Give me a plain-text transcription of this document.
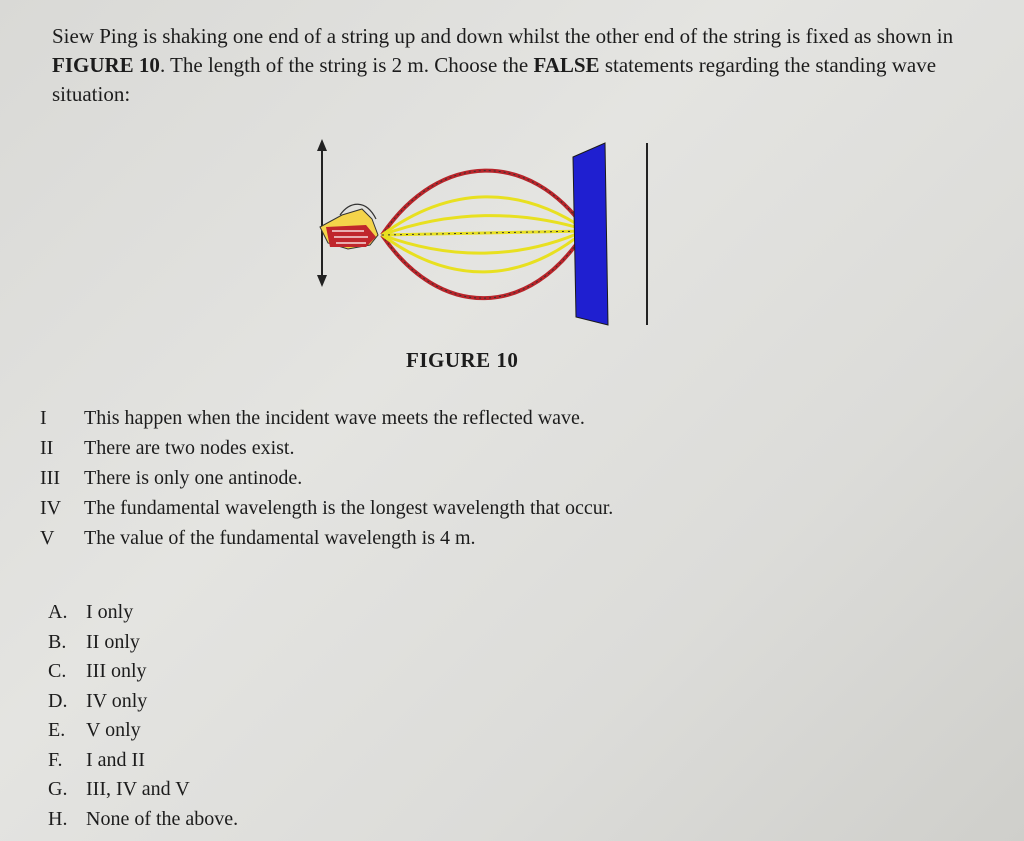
Siew Ping is shaking one end of a string up and down whilst the other end of the string is fixed as shown in FIGURE 10. The length of the string is 2 m. Choose the FALSE statements regarding the standing wave situation:
FIGURE 10
I	This happen when the incident wave meets the reflected wave.
II	There are two nodes exist.
III	There is only one antinode.
IV	The fundamental wavelength is the longest wavelength that occur.
V	The value of the fundamental wavelength is 4 m.
A. I only
B. II only
C. III only
D. IV only
E.	V only
F.	I and II
G. III, IV and V
H. None of the above.
